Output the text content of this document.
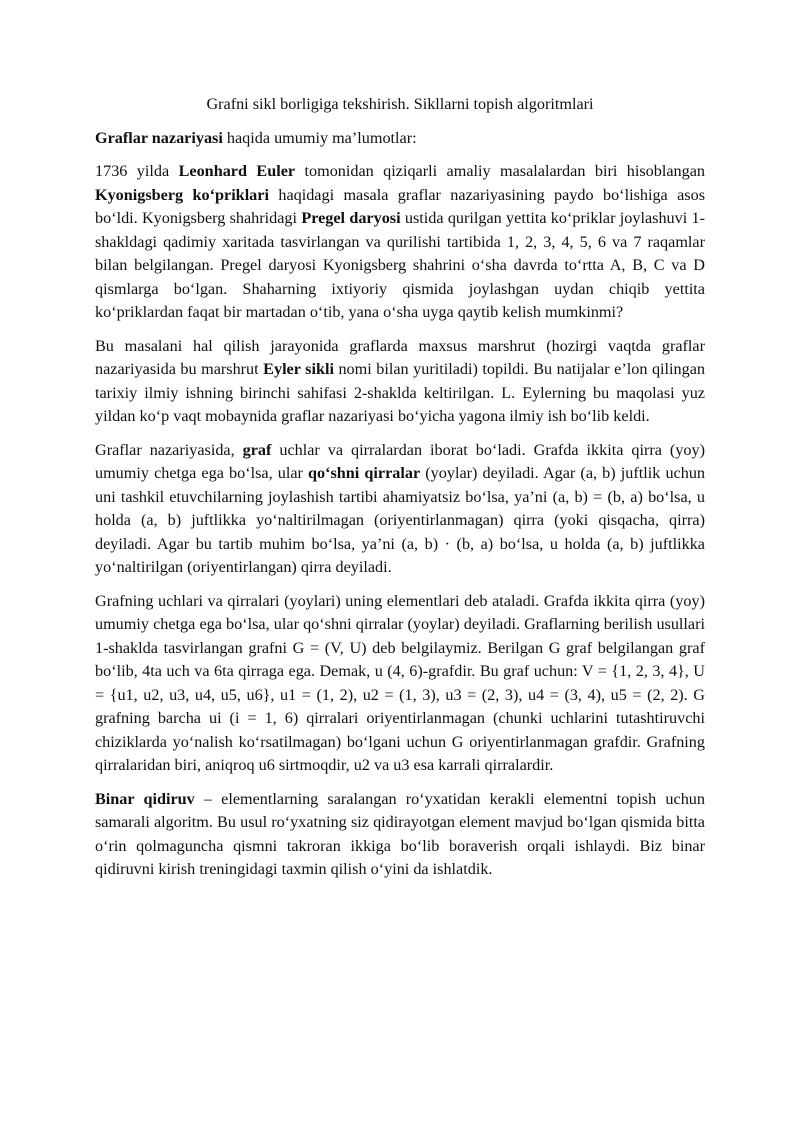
Grafni sikl borligiga tekshirish. Sikllarni topish algoritmlari

Graflar nazariyasi haqida umumiy ma’lumotlar:

1736 yilda Leonhard Euler tomonidan qiziqarli amaliy masalalardan biri hisoblangan Kyonigsberg ko‘priklari haqidagi masala graflar nazariyasining paydo bo‘lishiga asos bo‘ldi. Kyonigsberg shahridagi Pregel daryosi ustida qurilgan yettita ko‘priklar joylashuvi 1-shakldagi qadimiy xaritada tasvirlangan va qurilishi tartibida 1, 2, 3, 4, 5, 6 va 7 raqamlar bilan belgilangan. Pregel daryosi Kyonigsberg shahrini o‘sha davrda to‘rtta A, B, C va D qismlarga bo‘lgan. Shaharning ixtiyoriy qismida joylashgan uydan chiqib yettita ko‘priklardan faqat bir martadan o‘tib, yana o‘sha uyga qaytib kelish mumkinmi?

Bu masalani hal qilish jarayonida graflarda maxsus marshrut (hozirgi vaqtda graflar nazariyasida bu marshrut Eyler sikli nomi bilan yuritiladi) topildi. Bu natijalar e’lon qilingan tarixiy ilmiy ishning birinchi sahifasi 2-shaklda keltirilgan. L. Eylerning bu maqolasi yuz yildan ko‘p vaqt mobaynida graflar nazariyasi bo‘yicha yagona ilmiy ish bo‘lib keldi.

Graflar nazariyasida, graf uchlar va qirralardan iborat bo‘ladi. Grafda ikkita qirra (yoy) umumiy chetga ega bo‘lsa, ular qo‘shni qirralar (yoylar) deyiladi. Agar (a, b) juftlik uchun uni tashkil etuvchilarning joylashish tartibi ahamiyatsiz bo‘lsa, ya’ni (a, b) = (b, a) bo‘lsa, u holda (a, b) juftlikka yo‘naltirilmagan (oriyentirlanmagan) qirra (yoki qisqacha, qirra) deyiladi. Agar bu tartib muhim bo‘lsa, ya’ni (a, b) · (b, a) bo‘lsa, u holda (a, b) juftlikka yo‘naltirilgan (oriyentirlangan) qirra deyiladi.

Grafning uchlari va qirralari (yoylari) uning elementlari deb ataladi. Grafda ikkita qirra (yoy) umumiy chetga ega bo‘lsa, ular qo‘shni qirralar (yoylar) deyiladi. Graflarning berilish usullari 1-shaklda tasvirlangan grafni G = (V, U) deb belgilaymiz. Berilgan G graf belgilangan graf bo‘lib, 4ta uch va 6ta qirraga ega. Demak, u (4, 6)-grafdir. Bu graf uchun: V = {1, 2, 3, 4}, U = {u1, u2, u3, u4, u5, u6}, u1 = (1, 2), u2 = (1, 3), u3 = (2, 3), u4 = (3, 4), u5 = (2, 2). G grafning barcha ui (i = 1, 6) qirralari oriyentirlanmagan (chunki uchlarini tutashtiruvchi chiziklarda yo‘nalish ko‘rsatilmagan) bo‘lgani uchun G oriyentirlanmagan grafdir. Grafning qirralaridan biri, aniqroq u6 sirtmoqdir, u2 va u3 esa karrali qirralardir.

Binar qidiruv – elementlarning saralangan ro‘yxatidan kerakli elementni topish uchun samarali algoritm. Bu usul ro‘yxatning siz qidirayotgan element mavjud bo‘lgan qismida bitta o‘rin qolmaguncha qismni takroran ikkiga bo‘lib boraverish orqali ishlaydi. Biz binar qidiruvni kirish treningidagi taxmin qilish o‘yini da ishlatdik.
